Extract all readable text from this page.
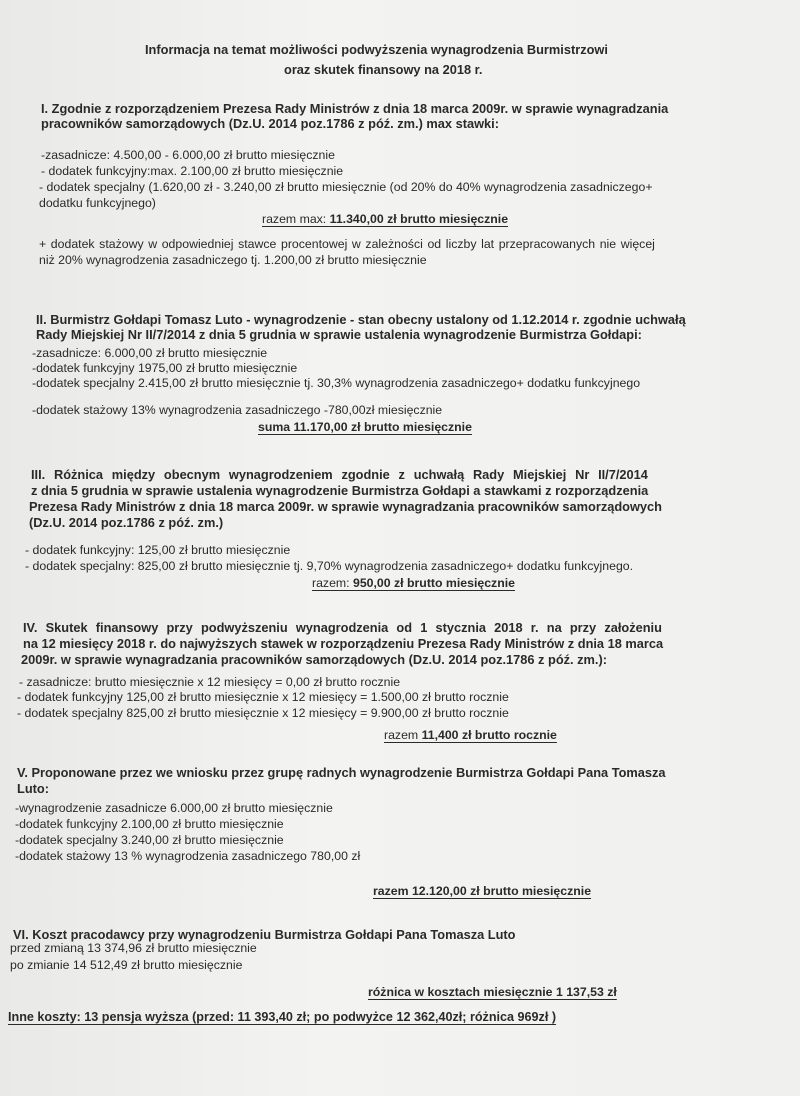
Informacja na temat możliwości podwyższenia wynagrodzenia Burmistrzowi
oraz skutek finansowy na 2018 r.
I. Zgodnie z rozporządzeniem Prezesa Rady Ministrów z dnia 18 marca 2009r. w sprawie wynagradzania
pracowników samorządowych (Dz.U. 2014 poz.1786 z póź. zm.) max stawki:
-zasadnicze: 4.500,00 - 6.000,00 zł brutto miesięcznie
- dodatek funkcyjny:max. 2.100,00 zł brutto miesięcznie
- dodatek specjalny (1.620,00 zł - 3.240,00 zł brutto miesięcznie (od 20% do 40% wynagrodzenia zasadniczego+
dodatku funkcyjnego)
razem max: 11.340,00 zł brutto miesięcznie
+ dodatek stażowy w odpowiedniej stawce procentowej w zależności od liczby lat przepracowanych nie więcej
niż 20% wynagrodzenia zasadniczego tj. 1.200,00 zł brutto miesięcznie
II. Burmistrz Gołdapi Tomasz Luto - wynagrodzenie - stan obecny ustalony od 1.12.2014 r. zgodnie uchwałą
Rady Miejskiej Nr II/7/2014 z dnia 5 grudnia w sprawie ustalenia wynagrodzenie Burmistrza Gołdapi:
-zasadnicze: 6.000,00 zł brutto miesięcznie
-dodatek funkcyjny 1975,00 zł brutto miesięcznie
-dodatek specjalny 2.415,00 zł brutto miesięcznie tj. 30,3% wynagrodzenia zasadniczego+ dodatku funkcyjnego
-dodatek stażowy 13% wynagrodzenia zasadniczego -780,00zł miesięcznie
suma 11.170,00 zł brutto miesięcznie
III. Różnica między obecnym wynagrodzeniem zgodnie z uchwałą Rady Miejskiej Nr II/7/2014
z dnia 5 grudnia w sprawie ustalenia wynagrodzenie Burmistrza Gołdapi a stawkami z rozporządzenia
Prezesa Rady Ministrów z dnia 18 marca 2009r. w sprawie wynagradzania pracowników samorządowych
(Dz.U. 2014 poz.1786 z póź. zm.)
- dodatek funkcyjny: 125,00 zł brutto miesięcznie
- dodatek specjalny: 825,00 zł brutto miesięcznie tj. 9,70% wynagrodzenia zasadniczego+ dodatku funkcyjnego.
razem: 950,00 zł brutto miesięcznie
IV. Skutek finansowy przy podwyższeniu wynagrodzenia od 1 stycznia 2018 r. na przy założeniu
na 12 miesięcy 2018 r. do najwyższych stawek w rozporządzeniu Prezesa Rady Ministrów z dnia 18 marca
2009r. w sprawie wynagradzania pracowników samorządowych (Dz.U. 2014 poz.1786 z póź. zm.):
- zasadnicze: brutto miesięcznie x 12 miesięcy = 0,00 zł brutto rocznie
- dodatek funkcyjny 125,00 zł brutto miesięcznie x 12 miesięcy = 1.500,00 zł brutto rocznie
- dodatek specjalny 825,00 zł brutto miesięcznie x 12 miesięcy = 9.900,00 zł brutto rocznie
razem 11,400 zł brutto rocznie
V. Proponowane przez we wniosku przez grupę radnych wynagrodzenie Burmistrza Gołdapi Pana Tomasza
Luto:
-wynagrodzenie zasadnicze 6.000,00 zł brutto miesięcznie
-dodatek funkcyjny 2.100,00 zł brutto miesięcznie
-dodatek specjalny 3.240,00 zł brutto miesięcznie
-dodatek stażowy 13 % wynagrodzenia zasadniczego 780,00 zł
razem 12.120,00 zł brutto miesięcznie
VI. Koszt pracodawcy przy wynagrodzeniu Burmistrza Gołdapi Pana Tomasza Luto
przed zmianą 13 374,96 zł brutto miesięcznie
po zmianie 14 512,49 zł brutto miesięcznie
różnica w kosztach miesięcznie 1 137,53 zł
Inne koszty: 13 pensja wyższa (przed: 11 393,40 zł; po podwyżce 12 362,40zł; różnica 969zł )
